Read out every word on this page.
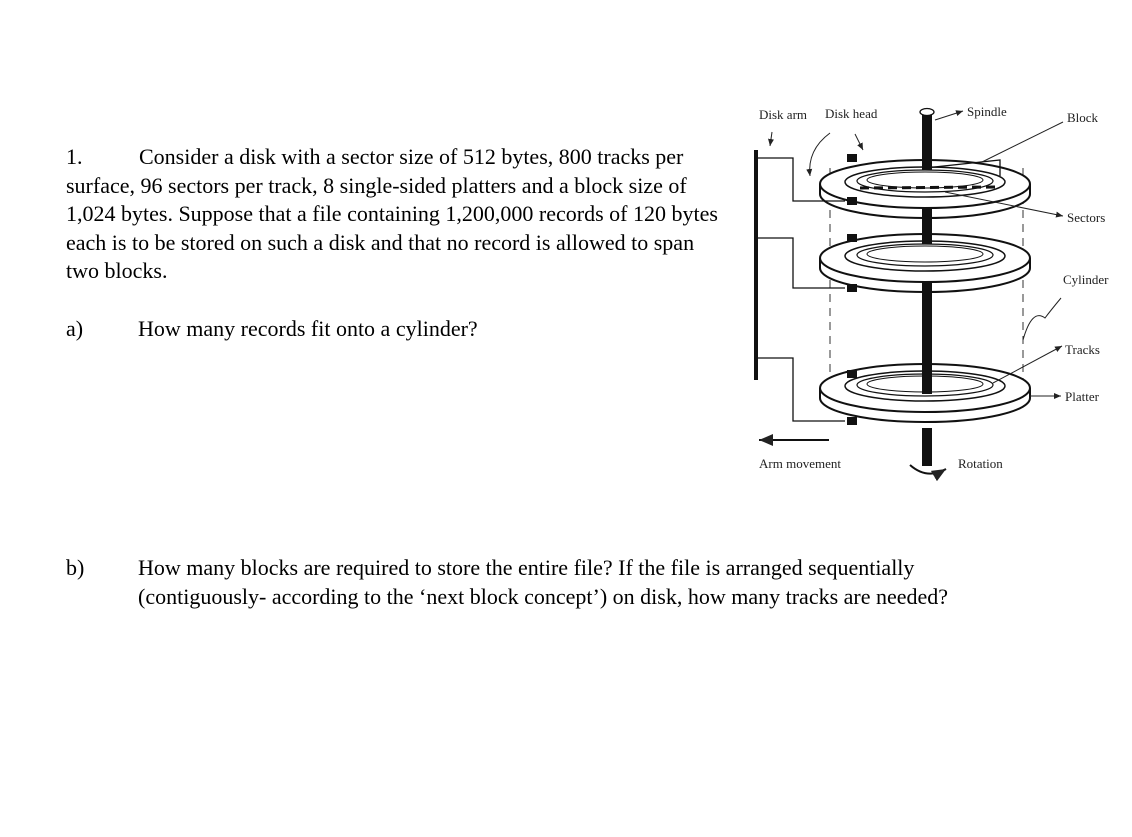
1.	Consider a disk with a sector size of 512 bytes, 800 tracks per surface, 96 sectors per track, 8 single-sided platters and a block size of 1,024 bytes. Suppose that a file containing 1,200,000 records of 120 bytes each is to be stored on such a disk and that no record is allowed to span two blocks.
a) How many records fit onto a cylinder?
b) How many blocks are required to store the entire file? If the file is arranged sequentially (contiguously- according to the ‘next block concept’) on disk, how many tracks are needed?
Disk arm Disk head	Spindle	Block
Sectors
Cylinder
Tracks
Platter
Arm movement	Rotation
